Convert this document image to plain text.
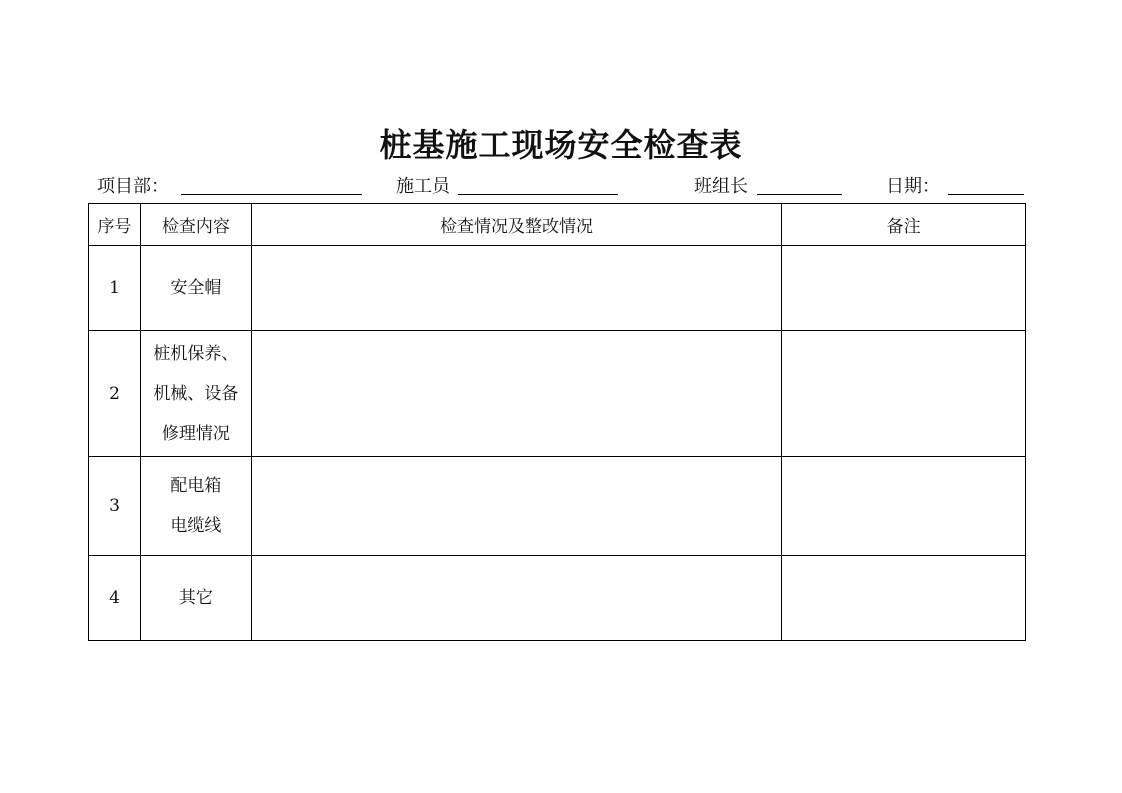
桩基施工现场安全检查表
项目部：	施工员	班组长	日期：
序号	检查内容	检查情况及整改情况	备注
1	安全帽		

2	桩机保养、
机械、设备
修理情况		

3	配电箱
电缆线		

4	其它		
